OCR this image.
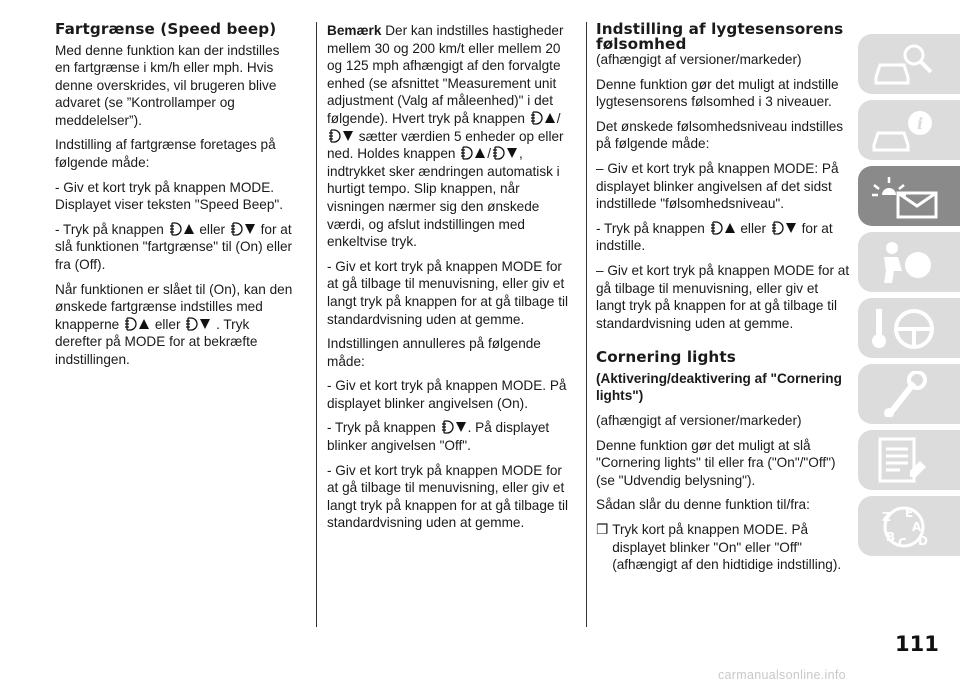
Fartgrænse (Speed beep)

Med denne funktion kan der indstilles en fartgrænse i km/h eller mph. Hvis denne overskrides, vil brugeren blive advaret (se ”Kontrollamper og meddelelser”).

Indstilling af fartgrænse foretages på følgende måde:

- Giv et kort tryk på knappen MODE. Displayet viser teksten "Speed Beep".

- Tryk på knappen	eller	for at slå funktionen "fartgrænse" til (On) eller fra (Off).

Når funktionen er slået til (On), kan den ønskede fartgrænse indstilles med knapperne	eller	. Tryk derefter på MODE for at bekræfte indstillingen.

Bemærk Der kan indstilles hastigheder mellem 30 og 200 km/t eller mellem 20 og 125 mph afhængigt af den forvalgte enhed (se afsnittet "Measurement unit adjustment (Valg af måleenhed)" i det følgende). Hvert tryk på knappen /
sætter værdien 5 enheder op eller ned. Holdes knappen / , indtrykket sker ændringen automatisk i hurtigt tempo. Slip knappen, når visningen nærmer sig den ønskede værdi, og afslut indstillingen med enkeltvise tryk.

- Giv et kort tryk på knappen MODE for at gå tilbage til menuvisning, eller giv et langt tryk på knappen for at gå tilbage til standardvisning uden at gemme.

Indstillingen annulleres på følgende måde:

- Giv et kort tryk på knappen MODE. På displayet blinker angivelsen (On).

- Tryk på knappen . På displayet blinker angivelsen "Off".

- Giv et kort tryk på knappen MODE for at gå tilbage til menuvisning, eller giv et langt tryk på knappen for at gå tilbage til standardvisning uden at gemme.

Indstilling af lygtesensorens følsomhed

(afhængigt af versioner/markeder)

Denne funktion gør det muligt at indstille lygtesensorens følsomhed i 3 niveauer.

Det ønskede følsomhedsniveau indstilles på følgende måde:

– Giv et kort tryk på knappen MODE: På displayet blinker angivelsen af det sidst indstillede "følsomhedsniveau".

- Tryk på knappen	eller	for at indstille.

– Giv et kort tryk på knappen MODE for at gå tilbage til menuvisning, eller giv et langt tryk på knappen for at gå tilbage til standardvisning uden at gemme.

Cornering lights

(Aktivering/deaktivering af "Cornering lights")

(afhængigt af versioner/markeder)

Denne funktion gør det muligt at slå "Cornering lights" til eller fra ("On"/"Off") (se "Udvendig belysning").

Sådan slår du denne funktion til/fra:

❒ Tryk kort på knappen MODE. På displayet blinker "On" eller "Off" (afhængigt af den hidtidige indstilling).
i
Z E
A
B C D
111
carmanualsonline.info
